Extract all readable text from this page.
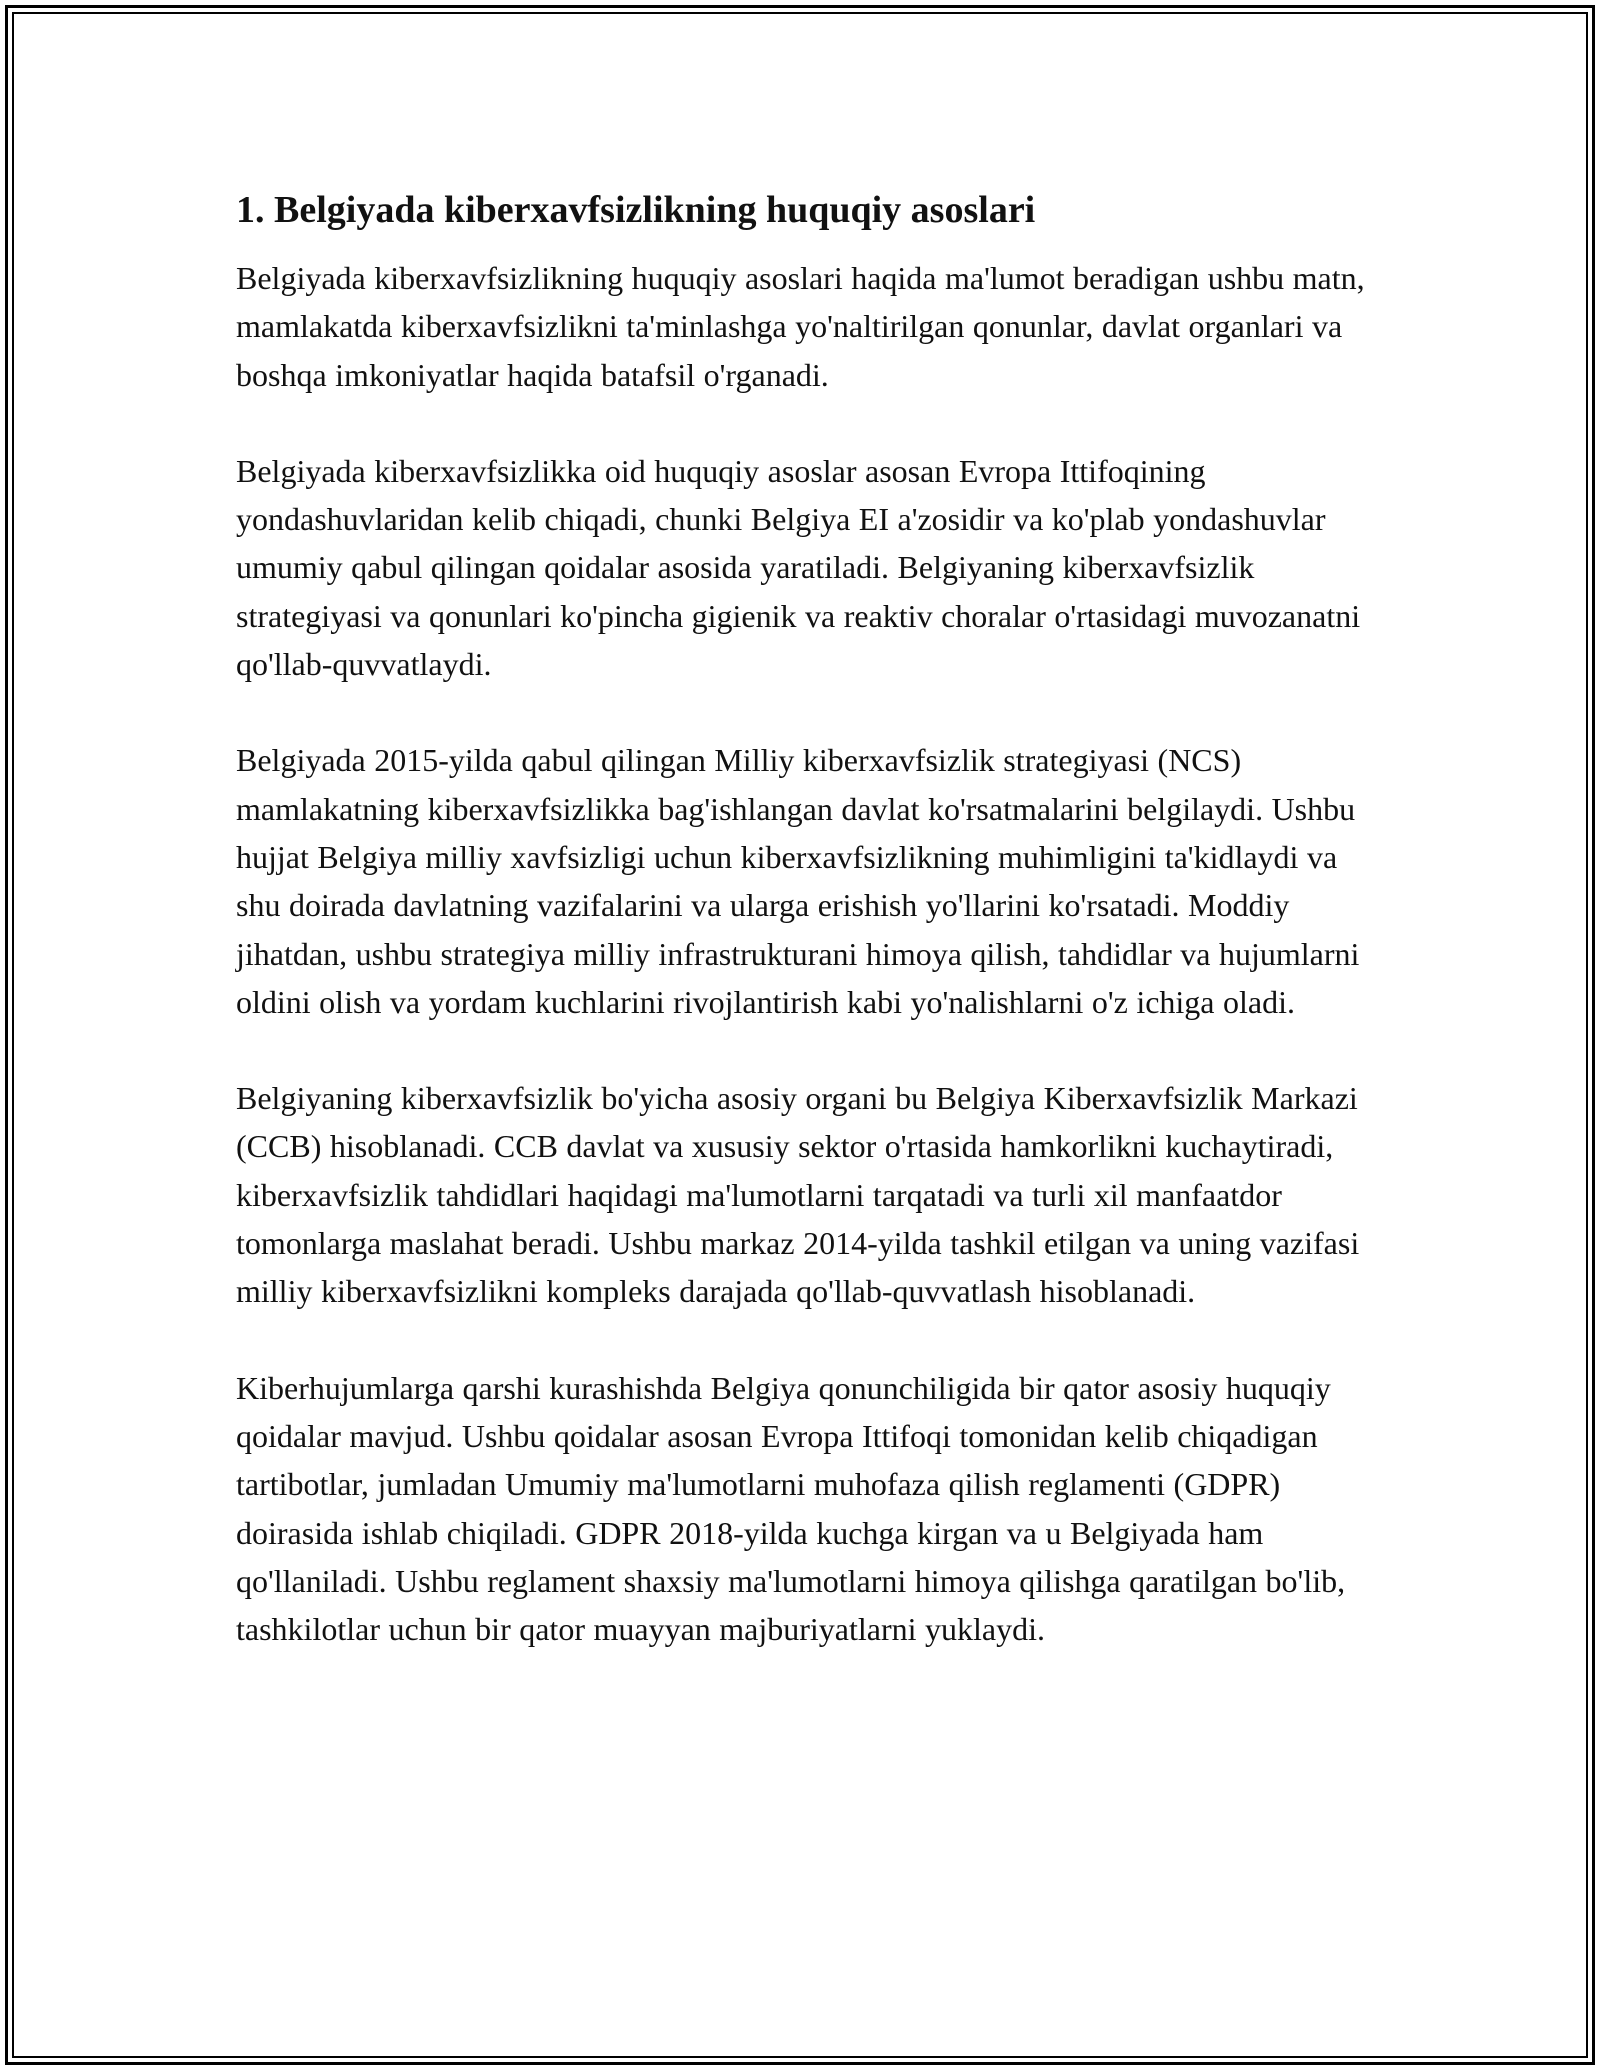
1. Belgiyada kiberxavfsizlikning huquqiy asoslari

Belgiyada kiberxavfsizlikning huquqiy asoslari haqida ma'lumot beradigan ushbu matn, mamlakatda kiberxavfsizlikni ta'minlashga yo'naltirilgan qonunlar, davlat organlari va boshqa imkoniyatlar haqida batafsil o'rganadi.

Belgiyada kiberxavfsizlikka oid huquqiy asoslar asosan Evropa Ittifoqining yondashuvlaridan kelib chiqadi, chunki Belgiya EI a'zosidir va ko'plab yondashuvlar umumiy qabul qilingan qoidalar asosida yaratiladi. Belgiyaning kiberxavfsizlik strategiyasi va qonunlari ko'pincha gigienik va reaktiv choralar o'rtasidagi muvozanatni qo'llab-quvvatlaydi.

Belgiyada 2015-yilda qabul qilingan Milliy kiberxavfsizlik strategiyasi (NCS) mamlakatning kiberxavfsizlikka bag'ishlangan davlat ko'rsatmalarini belgilaydi. Ushbu hujjat Belgiya milliy xavfsizligi uchun kiberxavfsizlikning muhimligini ta'kidlaydi va shu doirada davlatning vazifalarini va ularga erishish yo'llarini ko'rsatadi. Moddiy jihatdan, ushbu strategiya milliy infrastrukturani himoya qilish, tahdidlar va hujumlarni oldini olish va yordam kuchlarini rivojlantirish kabi yo'nalishlarni o'z ichiga oladi.

Belgiyaning kiberxavfsizlik bo'yicha asosiy organi bu Belgiya Kiberxavfsizlik Markazi (CCB) hisoblanadi. CCB davlat va xususiy sektor o'rtasida hamkorlikni kuchaytiradi, kiberxavfsizlik tahdidlari haqidagi ma'lumotlarni tarqatadi va turli xil manfaatdor tomonlarga maslahat beradi. Ushbu markaz 2014-yilda tashkil etilgan va uning vazifasi milliy kiberxavfsizlikni kompleks darajada qo'llab-quvvatlash hisoblanadi.

Kiberhujumlarga qarshi kurashishda Belgiya qonunchiligida bir qator asosiy huquqiy qoidalar mavjud. Ushbu qoidalar asosan Evropa Ittifoqi tomonidan kelib chiqadigan tartibotlar, jumladan Umumiy ma'lumotlarni muhofaza qilish reglamenti (GDPR) doirasida ishlab chiqiladi. GDPR 2018-yilda kuchga kirgan va u Belgiyada ham qo'llaniladi. Ushbu reglament shaxsiy ma'lumotlarni himoya qilishga qaratilgan bo'lib, tashkilotlar uchun bir qator muayyan majburiyatlarni yuklaydi.
